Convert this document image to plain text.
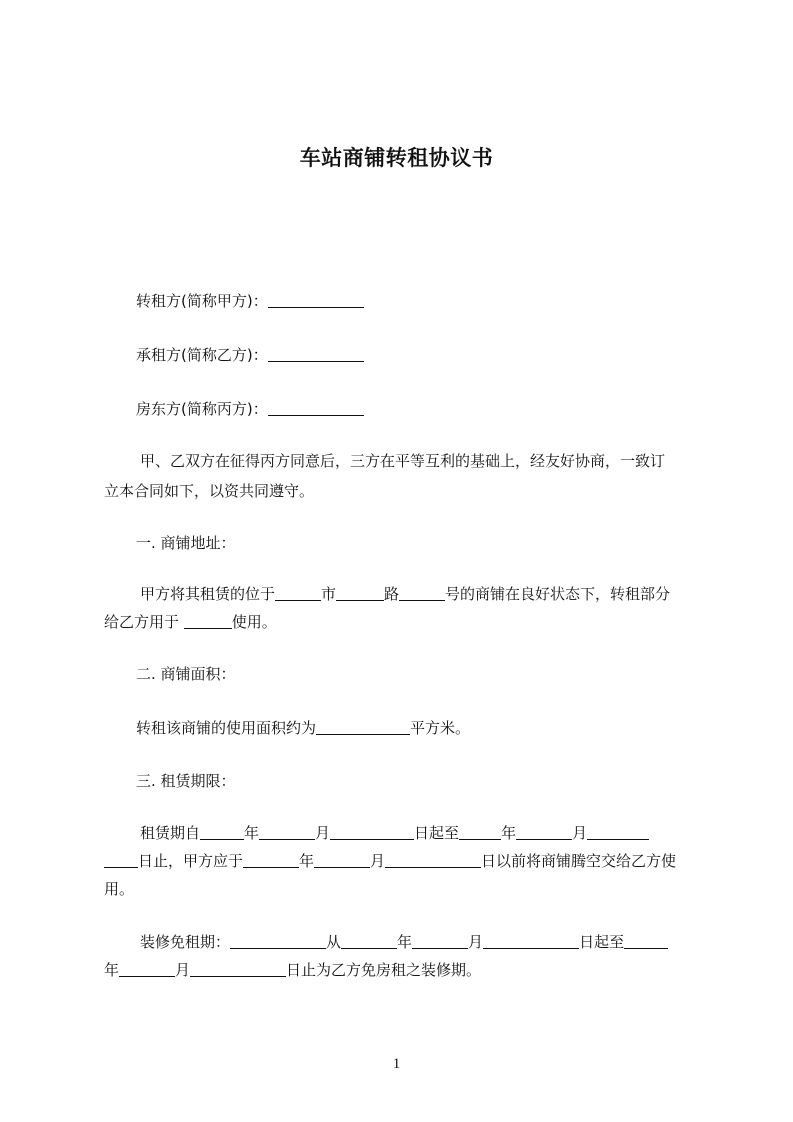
车站商铺转租协议书
转租方(简称甲方)：
承租方(简称乙方)：
房东方(简称丙方)：
甲、乙双方在征得丙方同意后，三方在平等互利的基础上，经友好协商，一致订
立本合同如下，以资共同遵守。
一. 商铺地址：
甲方将其租赁的位于	市	路	号的商铺在良好状态下，转租部分
给乙方用于	使用。
二. 商铺面积：
转租该商铺的使用面积约为	平方米。
三. 租赁期限：
租赁期自	年	月	日起至	年	月
日止，甲方应于	年	月	日以前将商铺腾空交给乙方使
用。
装修免租期：	从	年	月	日起至
年	月	日止为乙方免房租之装修期。
1
